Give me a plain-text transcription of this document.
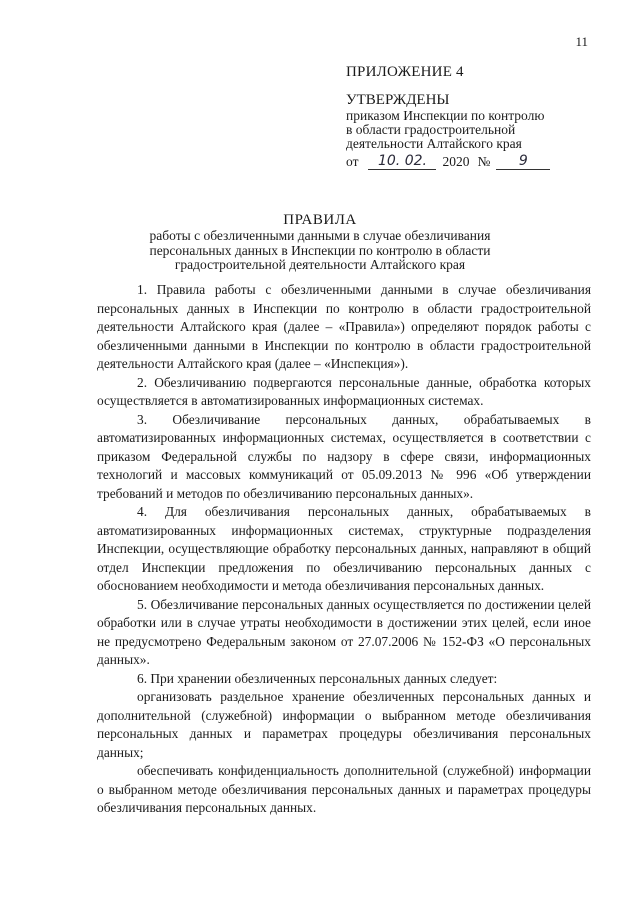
11
ПРИЛОЖЕНИЕ 4
УТВЕРЖДЕНЫ
приказом Инспекции по контролю
в области градостроительной
деятельности Алтайского края
от	10. 02.	2020 №	9
ПРАВИЛА
работы с обезличенными данными в случае обезличивания
персональных данных в Инспекции по контролю в области
градостроительной деятельности Алтайского края

1. Правила работы с обезличенными данными в случае обезличивания персональных данных в Инспекции по контролю в области градостроительной деятельности Алтайского края (далее – «Правила») определяют порядок работы с обезличенными данными в Инспекции по контролю в области градостроительной деятельности Алтайского края (далее – «Инспекция»).

2. Обезличиванию подвергаются персональные данные, обработка которых осуществляется в автоматизированных информационных системах.

3. Обезличивание персональных данных, обрабатываемых в автоматизированных информационных системах, осуществляется в соответствии с приказом Федеральной службы по надзору в сфере связи, информационных технологий и массовых коммуникаций от 05.09.2013 № 996 «Об утверждении требований и методов по обезличиванию персональных данных».

4. Для обезличивания персональных данных, обрабатываемых в автоматизированных информационных системах, структурные подразделения Инспекции, осуществляющие обработку персональных данных, направляют в общий отдел Инспекции предложения по обезличиванию персональных данных с обоснованием необходимости и метода обезличивания персональных данных.

5. Обезличивание персональных данных осуществляется по достижении целей обработки или в случае утраты необходимости в достижении этих целей, если иное не предусмотрено Федеральным законом от 27.07.2006 № 152-ФЗ «О персональных данных».

6. При хранении обезличенных персональных данных следует:

организовать раздельное хранение обезличенных персональных данных и дополнительной (служебной) информации о выбранном методе обезличивания персональных данных и параметрах процедуры обезличивания персональных данных;

обеспечивать конфиденциальность дополнительной (служебной) информации о выбранном методе обезличивания персональных данных и параметрах процедуры обезличивания персональных данных.
